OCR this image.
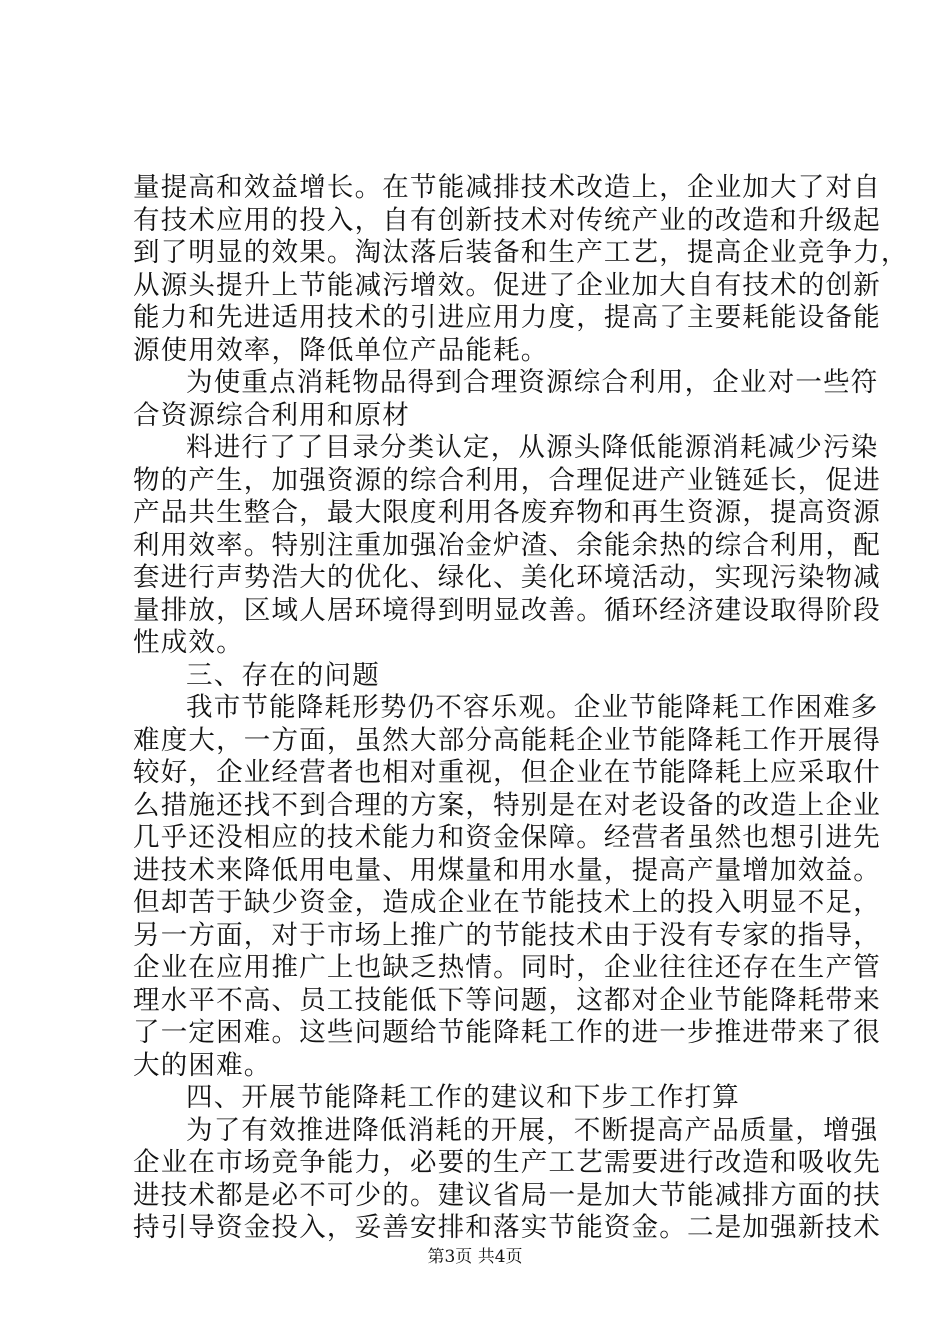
量提高和效益增长。在节能减排技术改造上，企业加大了对自
有技术应用的投入，自有创新技术对传统产业的改造和升级起
到了明显的效果。淘汰落后装备和生产工艺，提高企业竞争力，
从源头提升上节能减污增效。促进了企业加大自有技术的创新
能力和先进适用技术的引进应用力度，提高了主要耗能设备能
源使用效率，降低单位产品能耗。
为使重点消耗物品得到合理资源综合利用，企业对一些符
合资源综合利用和原材
料进行了了目录分类认定，从源头降低能源消耗减少污染
物的产生，加强资源的综合利用，合理促进产业链延长，促进
产品共生整合，最大限度利用各废弃物和再生资源，提高资源
利用效率。特别注重加强冶金炉渣、余能余热的综合利用，配
套进行声势浩大的优化、绿化、美化环境活动，实现污染物减
量排放，区域人居环境得到明显改善。循环经济建设取得阶段
性成效。
三、存在的问题
我市节能降耗形势仍不容乐观。企业节能降耗工作困难多
难度大，一方面，虽然大部分高能耗企业节能降耗工作开展得
较好，企业经营者也相对重视，但企业在节能降耗上应采取什
么措施还找不到合理的方案，特别是在对老设备的改造上企业
几乎还没相应的技术能力和资金保障。经营者虽然也想引进先
进技术来降低用电量、用煤量和用水量，提高产量增加效益。
但却苦于缺少资金，造成企业在节能技术上的投入明显不足，
另一方面，对于市场上推广的节能技术由于没有专家的指导，
企业在应用推广上也缺乏热情。同时，企业往往还存在生产管
理水平不高、员工技能低下等问题，这都对企业节能降耗带来
了一定困难。这些问题给节能降耗工作的进一步推进带来了很
大的困难。
四、开展节能降耗工作的建议和下步工作打算
为了有效推进降低消耗的开展，不断提高产品质量，增强
企业在市场竞争能力，必要的生产工艺需要进行改造和吸收先
进技术都是必不可少的。建议省局一是加大节能减排方面的扶
持引导资金投入，妥善安排和落实节能资金。二是加强新技术
第3页 共4页
